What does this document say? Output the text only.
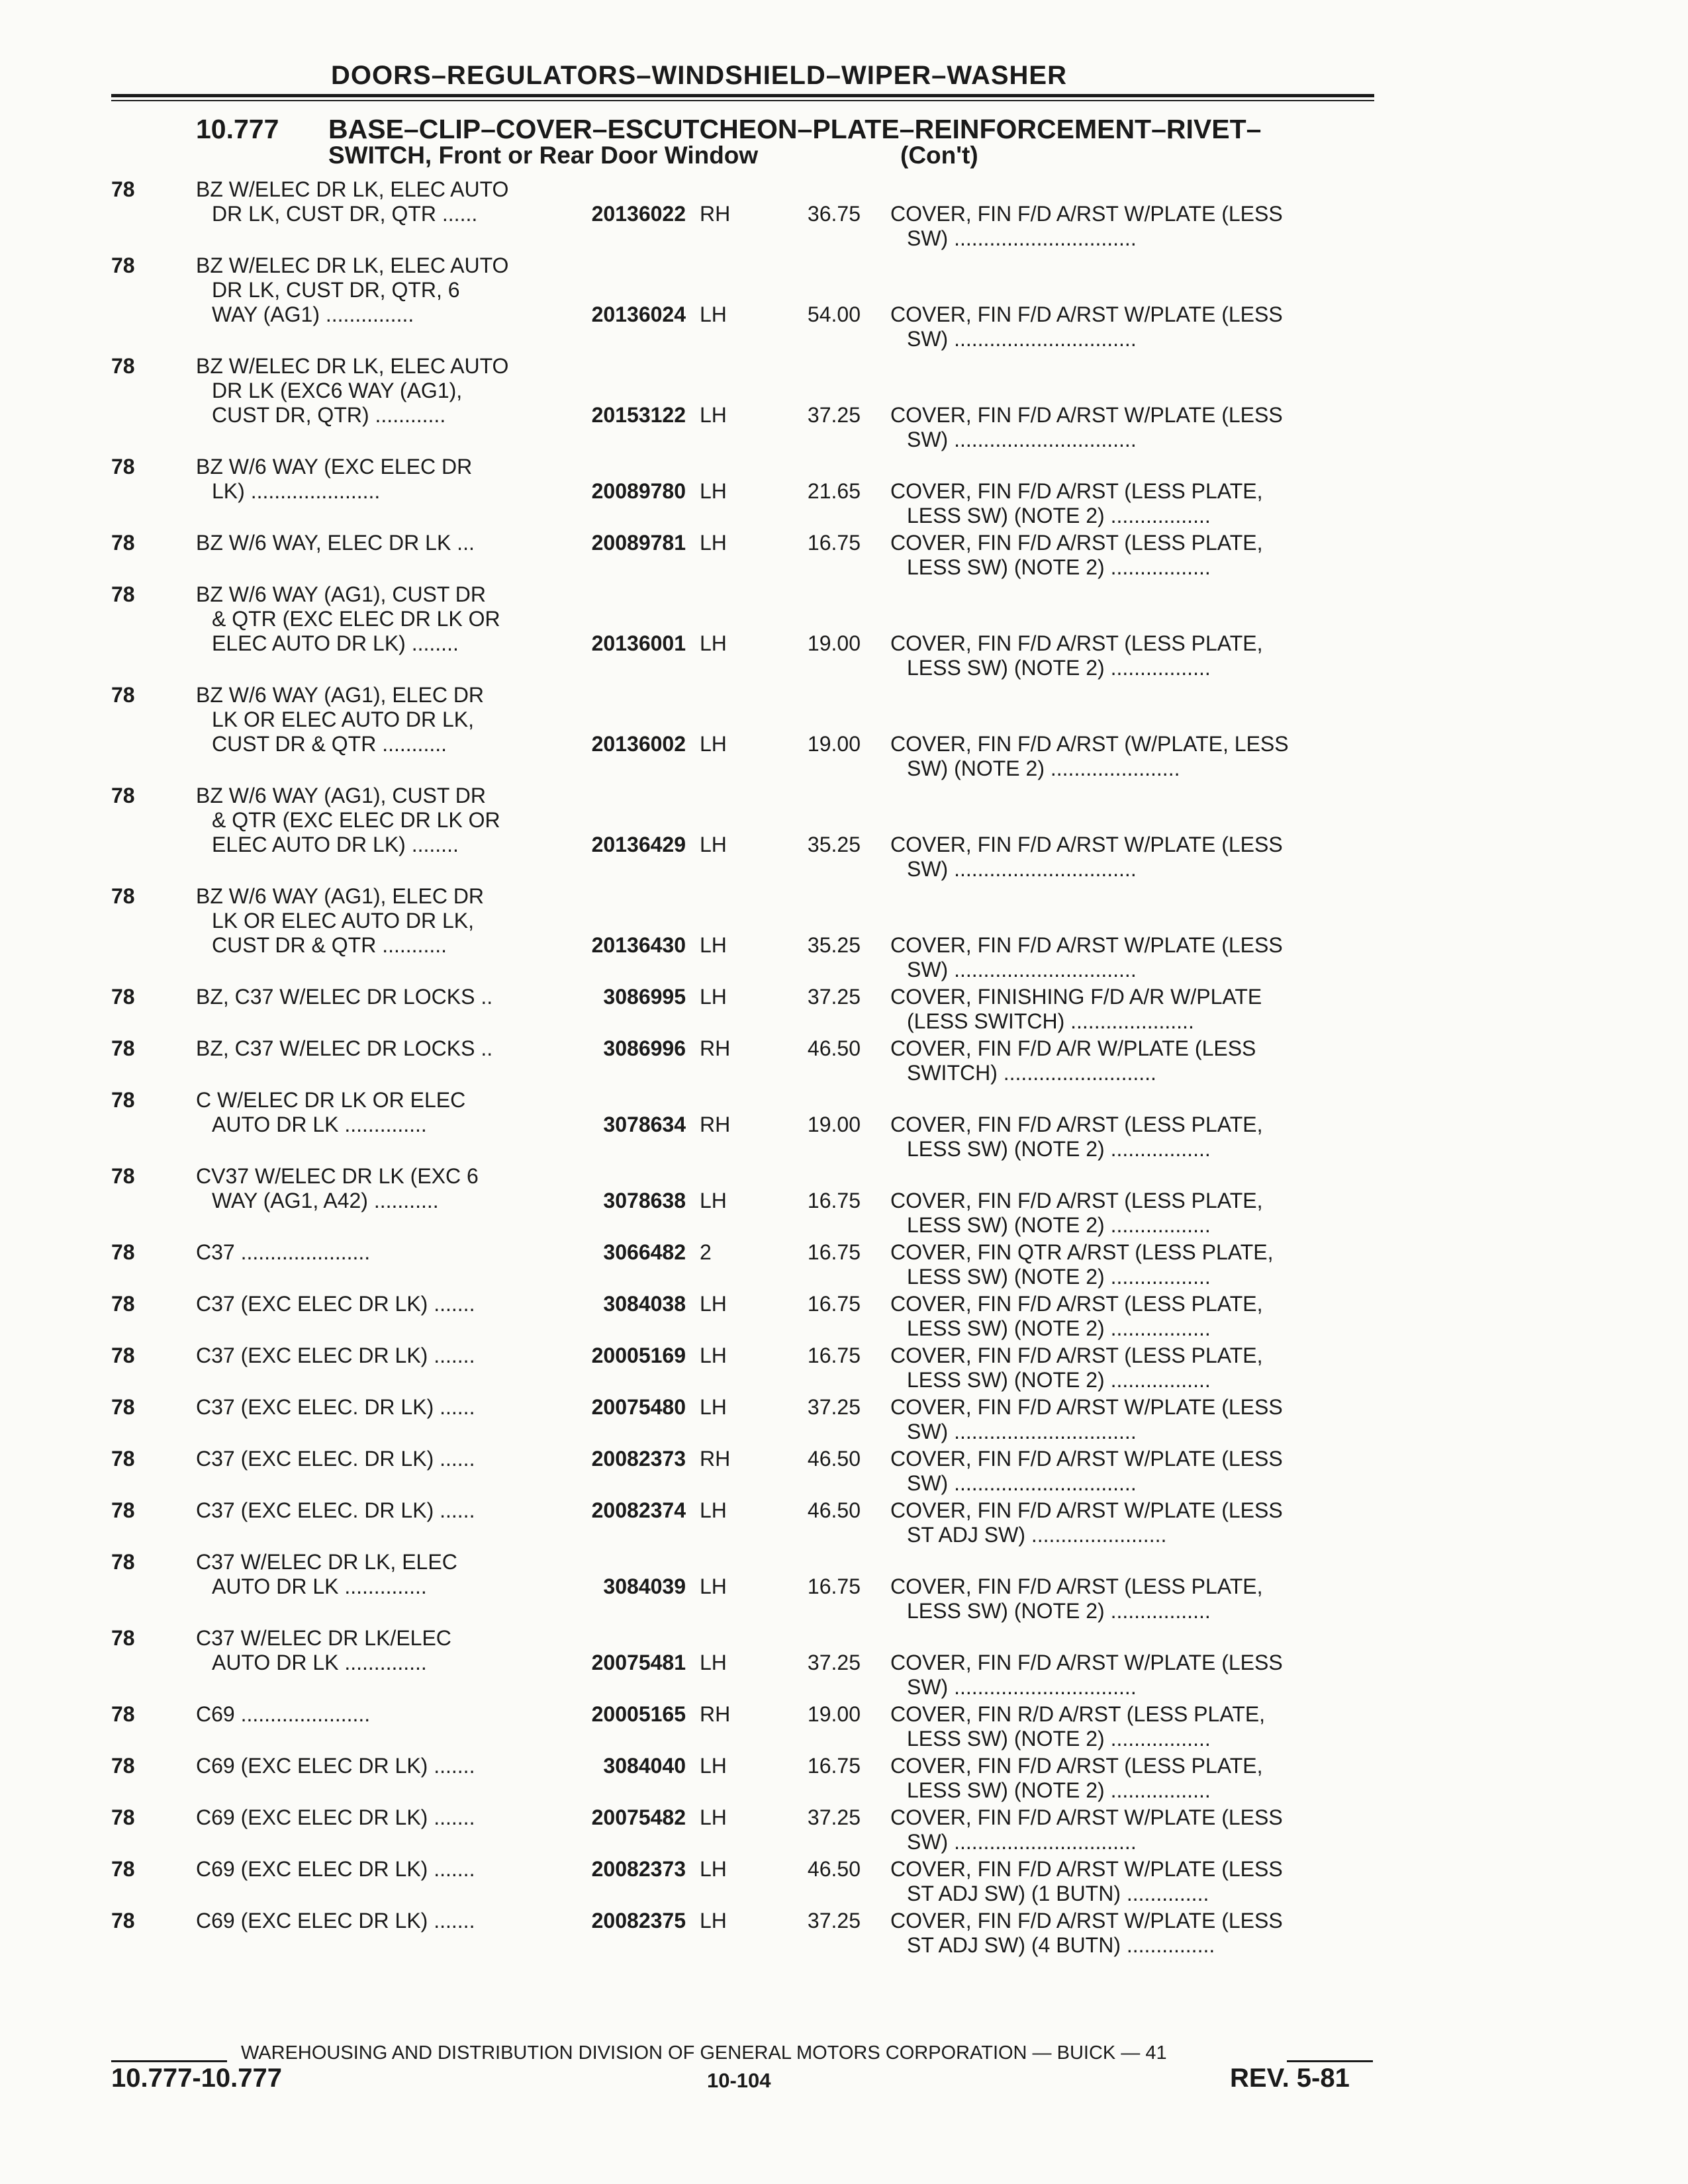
DOORS–REGULATORS–WINDSHIELD–WIPER–WASHER
10.777 BASE–CLIP–COVER–ESCUTCHEON–PLATE–REINFORCEMENT–RIVET–
SWITCH, Front or Rear Door Window	(Con't)
78	BZ W/ELEC DR LK, ELEC AUTO
DR LK, CUST DR, QTR ......	20136022 RH	36.75 COVER, FIN F/D A/RST W/PLATE (LESS
SW) ...............................
78	BZ W/ELEC DR LK, ELEC AUTO
DR LK, CUST DR, QTR, 6
WAY (AG1) ...............	20136024 LH	54.00 COVER, FIN F/D A/RST W/PLATE (LESS
SW) ...............................
78	BZ W/ELEC DR LK, ELEC AUTO
DR LK (EXC6 WAY (AG1),
CUST DR, QTR) ............	20153122 LH	37.25 COVER, FIN F/D A/RST W/PLATE (LESS
SW) ...............................
78	BZ W/6 WAY (EXC ELEC DR
LK) ......................	20089780 LH	21.65 COVER, FIN F/D A/RST (LESS PLATE,
LESS SW) (NOTE 2) .................
78	BZ W/6 WAY, ELEC DR LK ...	20089781 LH	16.75 COVER, FIN F/D A/RST (LESS PLATE,
LESS SW) (NOTE 2) .................
78	BZ W/6 WAY (AG1), CUST DR
& QTR (EXC ELEC DR LK OR
ELEC AUTO DR LK) ........	20136001 LH	19.00 COVER, FIN F/D A/RST (LESS PLATE,
LESS SW) (NOTE 2) .................
78	BZ W/6 WAY (AG1), ELEC DR
LK OR ELEC AUTO DR LK,
CUST DR & QTR ...........	20136002 LH	19.00 COVER, FIN F/D A/RST (W/PLATE, LESS
SW) (NOTE 2) ......................
78	BZ W/6 WAY (AG1), CUST DR
& QTR (EXC ELEC DR LK OR
ELEC AUTO DR LK) ........	20136429 LH	35.25 COVER, FIN F/D A/RST W/PLATE (LESS
SW) ...............................
78	BZ W/6 WAY (AG1), ELEC DR
LK OR ELEC AUTO DR LK,
CUST DR & QTR ...........	20136430 LH	35.25 COVER, FIN F/D A/RST W/PLATE (LESS
SW) ...............................
78	BZ, C37 W/ELEC DR LOCKS ..	3086995 LH	37.25 COVER, FINISHING F/D A/R W/PLATE
(LESS SWITCH) .....................
78	BZ, C37 W/ELEC DR LOCKS ..	3086996 RH	46.50 COVER, FIN F/D A/R W/PLATE (LESS
SWITCH) ..........................
78	C W/ELEC DR LK OR ELEC
AUTO DR LK ..............	3078634 RH	19.00 COVER, FIN F/D A/RST (LESS PLATE,
LESS SW) (NOTE 2) .................
78	CV37 W/ELEC DR LK (EXC 6
WAY (AG1, A42) ...........	3078638 LH	16.75 COVER, FIN F/D A/RST (LESS PLATE,
LESS SW) (NOTE 2) .................
78	C37 ......................	3066482 2	16.75 COVER, FIN QTR A/RST (LESS PLATE,
LESS SW) (NOTE 2) .................
78	C37 (EXC ELEC DR LK) .......	3084038 LH	16.75 COVER, FIN F/D A/RST (LESS PLATE,
LESS SW) (NOTE 2) .................
78	C37 (EXC ELEC DR LK) .......	20005169 LH	16.75 COVER, FIN F/D A/RST (LESS PLATE,
LESS SW) (NOTE 2) .................
78	C37 (EXC ELEC. DR LK) ......	20075480 LH	37.25 COVER, FIN F/D A/RST W/PLATE (LESS
SW) ...............................
78	C37 (EXC ELEC. DR LK) ......	20082373 RH	46.50 COVER, FIN F/D A/RST W/PLATE (LESS
SW) ...............................
78	C37 (EXC ELEC. DR LK) ......	20082374 LH	46.50 COVER, FIN F/D A/RST W/PLATE (LESS
ST ADJ SW) .......................
78	C37 W/ELEC DR LK, ELEC
AUTO DR LK ..............	3084039 LH	16.75 COVER, FIN F/D A/RST (LESS PLATE,
LESS SW) (NOTE 2) .................
78	C37 W/ELEC DR LK/ELEC
AUTO DR LK ..............	20075481 LH	37.25 COVER, FIN F/D A/RST W/PLATE (LESS
SW) ...............................
78	C69 ......................	20005165 RH	19.00 COVER, FIN R/D A/RST (LESS PLATE,
LESS SW) (NOTE 2) .................
78	C69 (EXC ELEC DR LK) .......	3084040 LH	16.75 COVER, FIN F/D A/RST (LESS PLATE,
LESS SW) (NOTE 2) .................
78	C69 (EXC ELEC DR LK) .......	20075482 LH	37.25 COVER, FIN F/D A/RST W/PLATE (LESS
SW) ...............................
78	C69 (EXC ELEC DR LK) .......	20082373 LH	46.50 COVER, FIN F/D A/RST W/PLATE (LESS
ST ADJ SW) (1 BUTN) ..............
78	C69 (EXC ELEC DR LK) .......	20082375 LH	37.25 COVER, FIN F/D A/RST W/PLATE (LESS
ST ADJ SW) (4 BUTN) ...............
WAREHOUSING AND DISTRIBUTION DIVISION OF GENERAL MOTORS CORPORATION — BUICK — 41
10.777-10.777	10-104	REV. 5-81
